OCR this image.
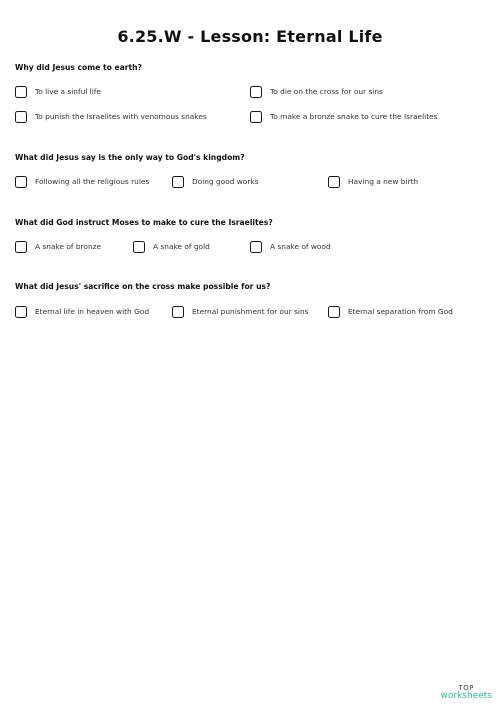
6.25.W - Lesson: Eternal Life
Why did Jesus come to earth?
To live a sinful life	To die on the cross for our sins
To punish the Israelites with venomous snakes	To make a bronze snake to cure the Israelites
What did Jesus say is the only way to God's kingdom?
Following all the religious rules	Doing good works	Having a new birth
What did God instruct Moses to make to cure the Israelites?
A snake of bronze	A snake of gold	A snake of wood
What did Jesus' sacrifice on the cross make possible for us?
Eternal life in heaven with God	Eternal punishment for our sins	Eternal separation from God
TOP
worksheets
